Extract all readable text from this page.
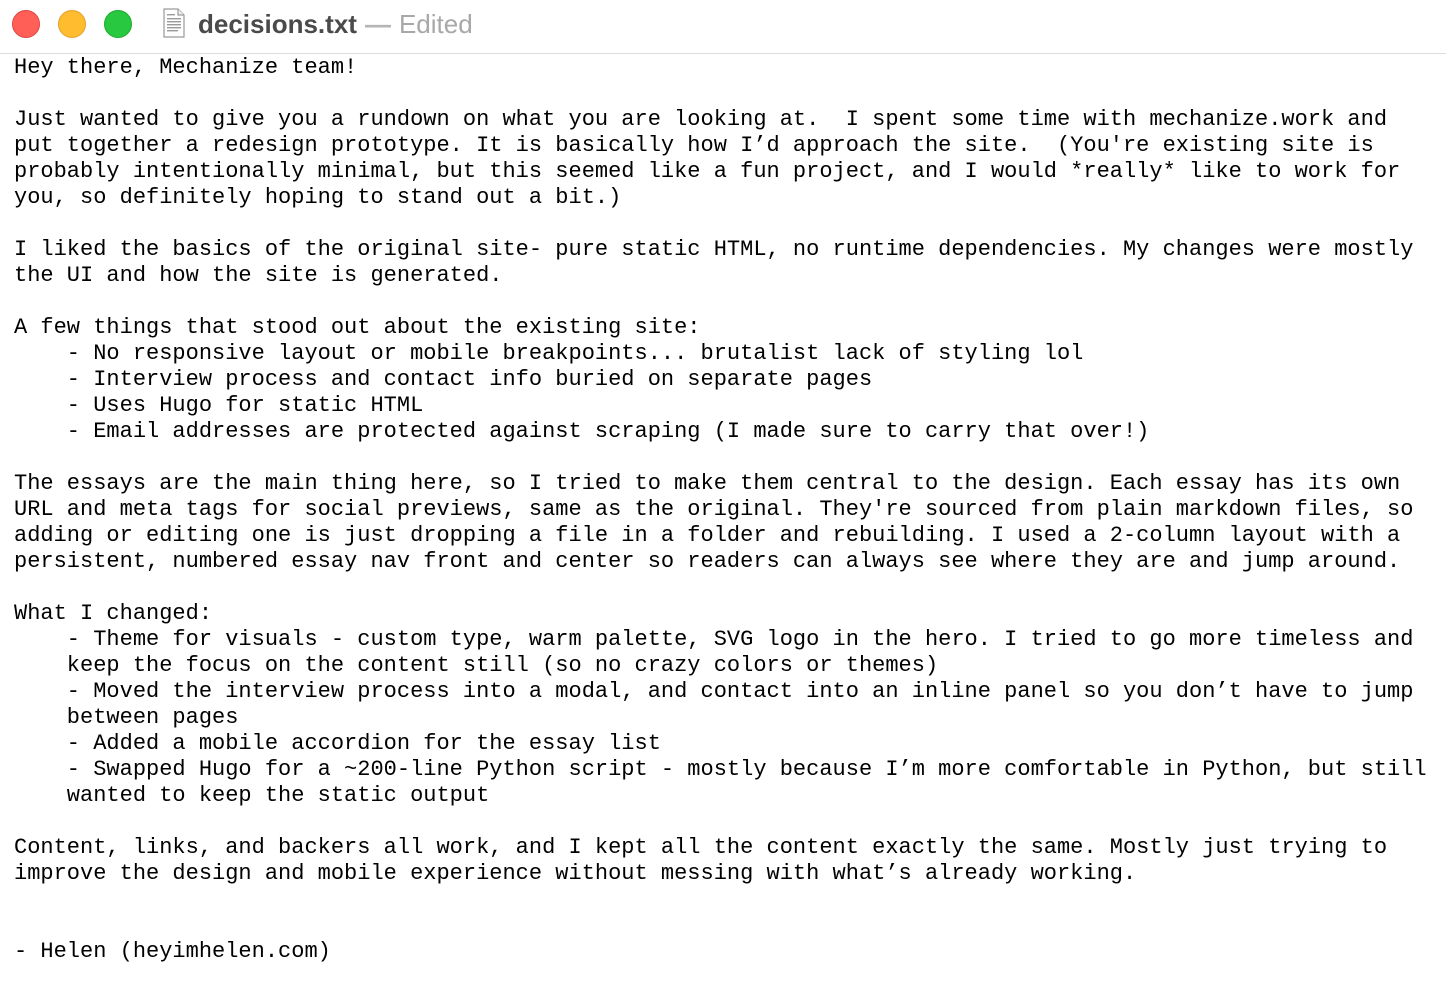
decisions.txt — Edited
Hey there, Mechanize team!

Just wanted to give you a rundown on what you are looking at.  I spent some time with mechanize.work and
put together a redesign prototype. It is basically how I’d approach the site.  (You're existing site is
probably intentionally minimal, but this seemed like a fun project, and I would *really* like to work for
you, so definitely hoping to stand out a bit.)

I liked the basics of the original site- pure static HTML, no runtime dependencies. My changes were mostly
the UI and how the site is generated.

A few things that stood out about the existing site:
- No responsive layout or mobile breakpoints... brutalist lack of styling lol
- Interview process and contact info buried on separate pages
- Uses Hugo for static HTML
- Email addresses are protected against scraping (I made sure to carry that over!)

The essays are the main thing here, so I tried to make them central to the design. Each essay has its own
URL and meta tags for social previews, same as the original. They're sourced from plain markdown files, so
adding or editing one is just dropping a file in a folder and rebuilding. I used a 2-column layout with a
persistent, numbered essay nav front and center so readers can always see where they are and jump around.

What I changed:
- Theme for visuals - custom type, warm palette, SVG logo in the hero. I tried to go more timeless and
keep the focus on the content still (so no crazy colors or themes)
- Moved the interview process into a modal, and contact into an inline panel so you don’t have to jump
between pages
- Added a mobile accordion for the essay list
- Swapped Hugo for a ~200-line Python script - mostly because I’m more comfortable in Python, but still
wanted to keep the static output

Content, links, and backers all work, and I kept all the content exactly the same. Mostly just trying to
improve the design and mobile experience without messing with what’s already working.

- Helen (heyimhelen.com)
